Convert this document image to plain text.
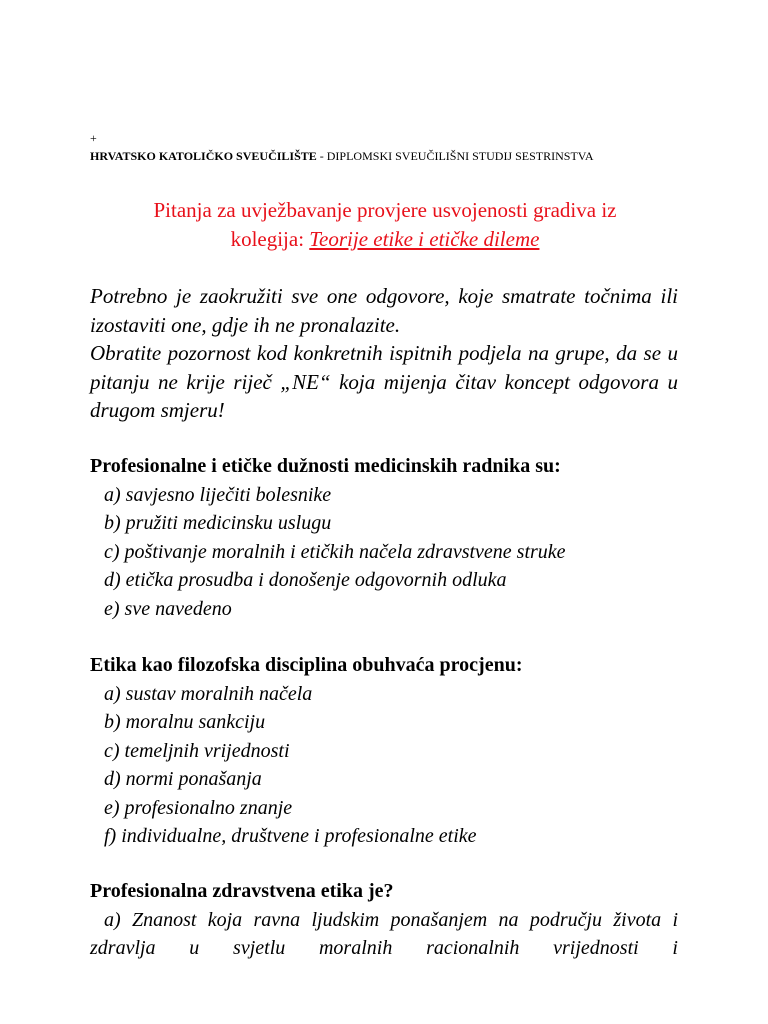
+
HRVATSKO KATOLIČKO SVEUČILIŠTE - DIPLOMSKI SVEUČILIŠNI STUDIJ SESTRINSTVA
Pitanja za uvježbavanje provjere usvojenosti gradiva iz
kolegija: Teorije etike i etičke dileme

Potrebno je zaokružiti sve one odgovore, koje smatrate točnima ili izostaviti one, gdje ih ne pronalazite.

Obratite pozornost kod konkretnih ispitnih podjela na grupe, da se u pitanju ne krije riječ „NE“ koja mijenja čitav koncept odgovora u drugom smjeru!

Profesionalne i etičke dužnosti medicinskih radnika su:
a) savjesno liječiti bolesnike
b) pružiti medicinsku uslugu
c) poštivanje moralnih i etičkih načela zdravstvene struke
d) etička prosudba i donošenje odgovornih odluka
e) sve navedeno
Etika kao filozofska disciplina obuhvaća procjenu:
a) sustav moralnih načela
b) moralnu sankciju
c) temeljnih vrijednosti
d) normi ponašanja
e) profesionalno znanje
f) individualne, društvene i profesionalne etike
Profesionalna zdravstvena etika je?
a) Znanost koja ravna ljudskim ponašanjem na području života i zdravlja u svjetlu moralnih racionalnih vrijednosti i
